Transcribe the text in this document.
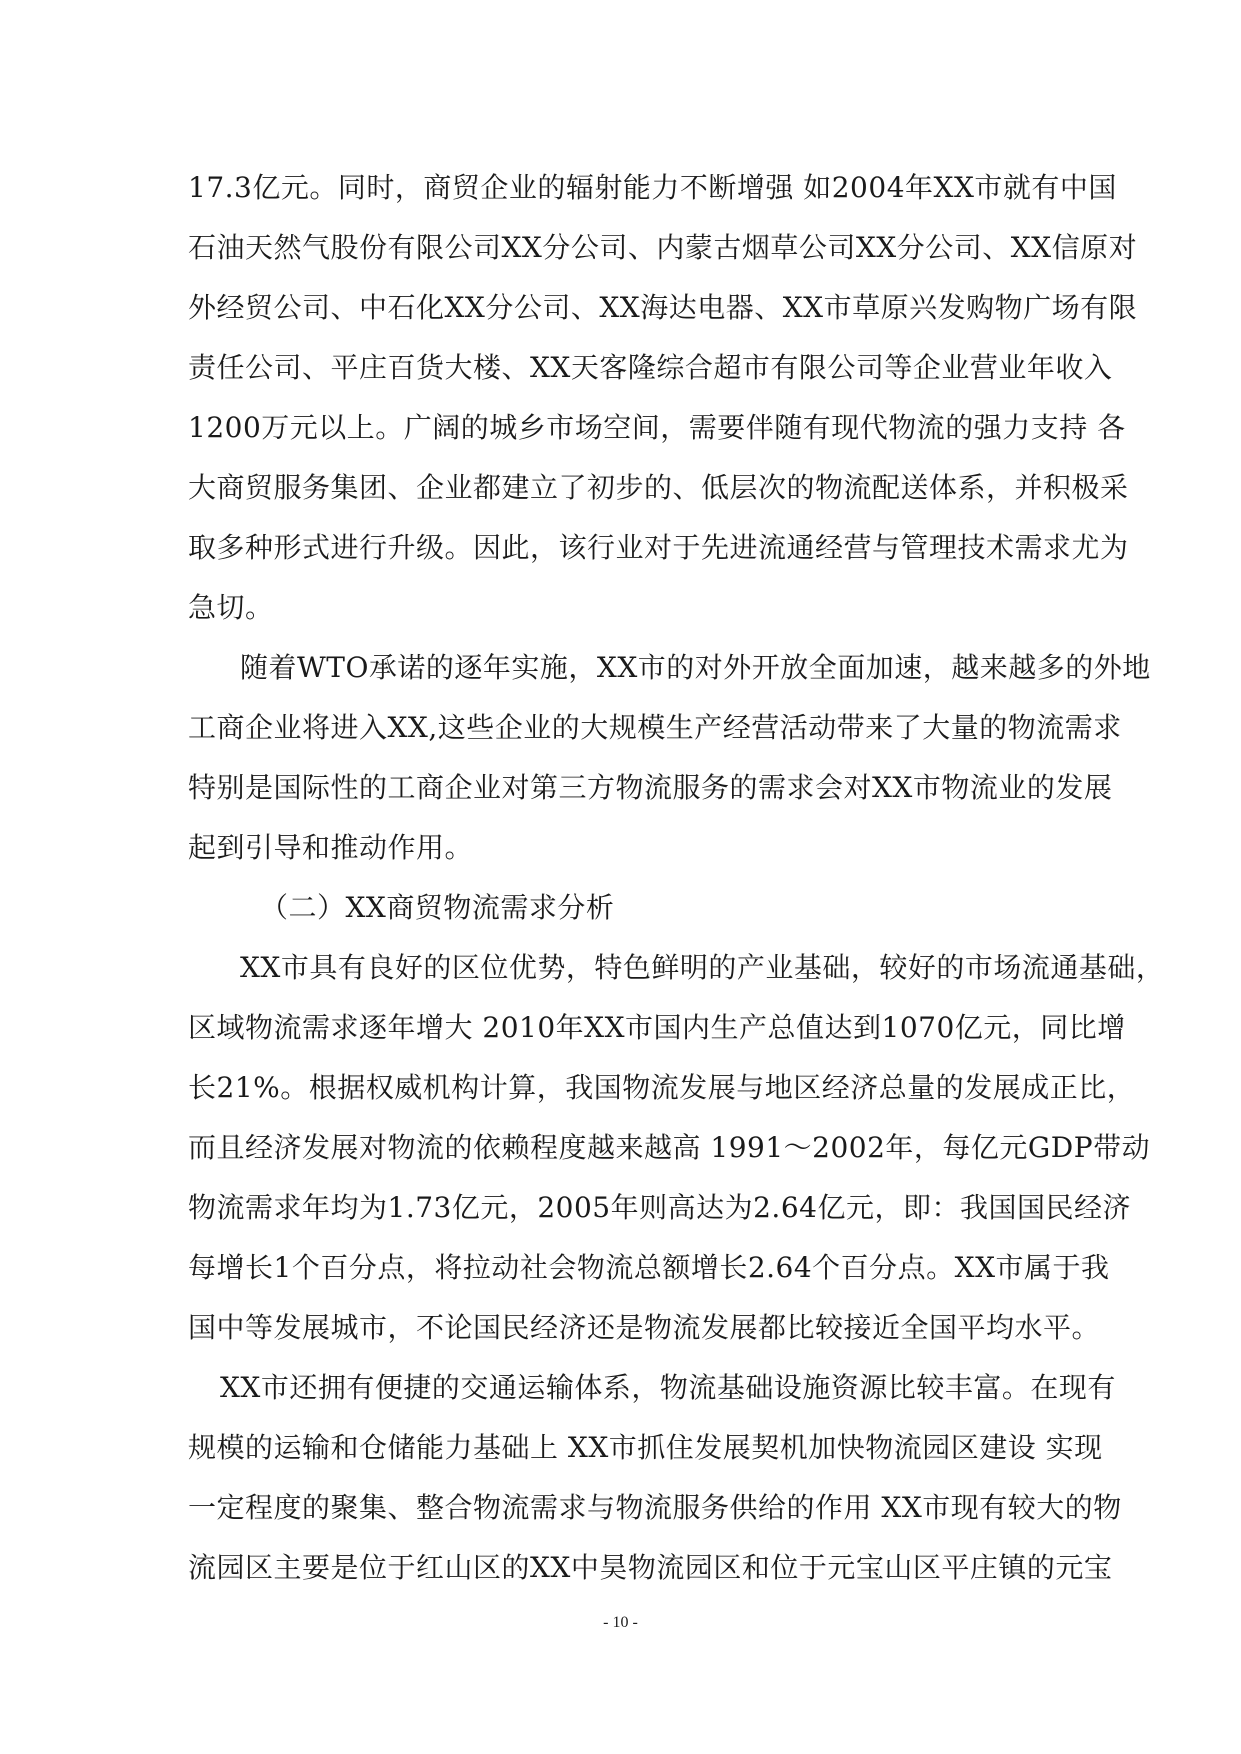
17.3亿元。同时，商贸企业的辐射能力不断增强 如2004年XX市就有中国
石油天然气股份有限公司XX分公司、内蒙古烟草公司XX分公司、XX信原对
外经贸公司、中石化XX分公司、XX海达电器、XX市草原兴发购物广场有限
责任公司、平庄百货大楼、XX天客隆综合超市有限公司等企业营业年收入
1200万元以上。广阔的城乡市场空间，需要伴随有现代物流的强力支持 各
大商贸服务集团、企业都建立了初步的、低层次的物流配送体系，并积极采
取多种形式进行升级。因此，该行业对于先进流通经营与管理技术需求尤为
急切。
随着WTO承诺的逐年实施，XX市的对外开放全面加速，越来越多的外地
工商企业将进入XX,这些企业的大规模生产经营活动带来了大量的物流需求
特别是国际性的工商企业对第三方物流服务的需求会对XX市物流业的发展
起到引导和推动作用。
（二）XX商贸物流需求分析
XX市具有良好的区位优势，特色鲜明的产业基础，较好的市场流通基础，
区域物流需求逐年增大 2010年XX市国内生产总值达到1070亿元，同比增
长21%。根据权威机构计算，我国物流发展与地区经济总量的发展成正比，
而且经济发展对物流的依赖程度越来越高 1991～2002年，每亿元GDP带动
物流需求年均为1.73亿元，2005年则高达为2.64亿元，即：我国国民经济
每增长1个百分点，将拉动社会物流总额增长2.64个百分点。XX市属于我
国中等发展城市，不论国民经济还是物流发展都比较接近全国平均水平。
XX市还拥有便捷的交通运输体系，物流基础设施资源比较丰富。在现有
规模的运输和仓储能力基础上 XX市抓住发展契机加快物流园区建设 实现
一定程度的聚集、整合物流需求与物流服务供给的作用 XX市现有较大的物
流园区主要是位于红山区的XX中昊物流园区和位于元宝山区平庄镇的元宝
- 10 -
